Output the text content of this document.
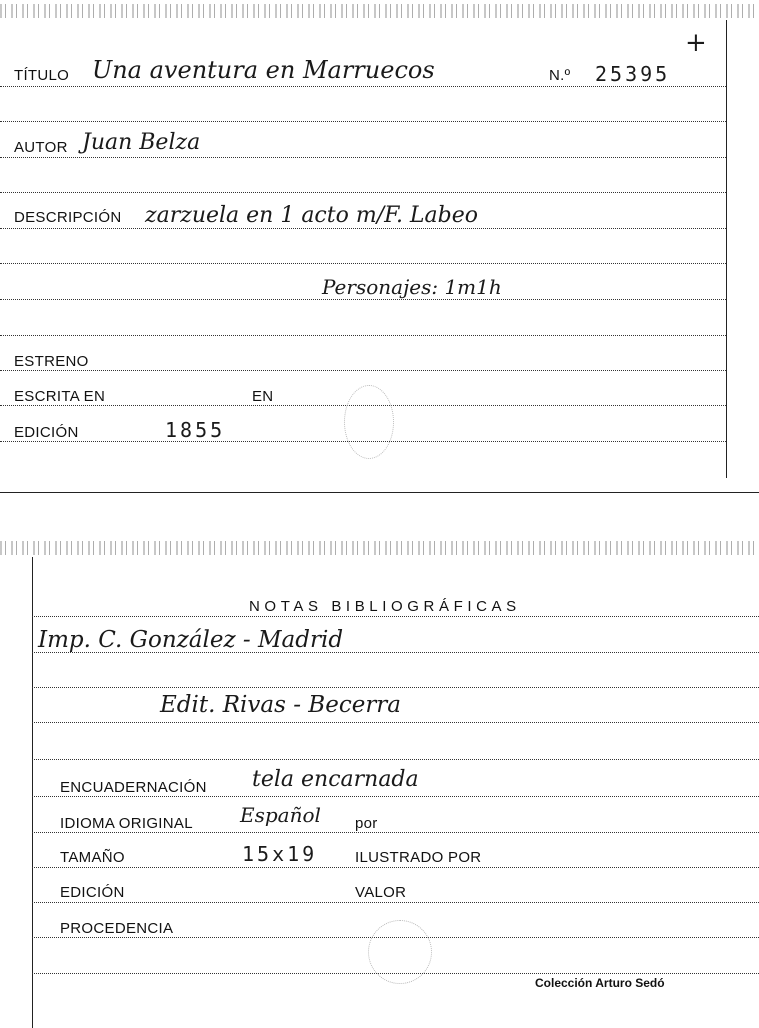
+
TÍTULO Una aventura en Marruecos	N.º 25395
AUTOR Juan Belza
DESCRIPCIÓN zarzuela en 1 acto m/F. Labeo
Personajes: 1m1h
ESTRENO
ESCRITA EN	EN
EDICIÓN	1855
NOTAS BIBLIOGRÁFICAS
Imp. C. González - Madrid
Edit. Rivas - Becerra
ENCUADERNACIÓN tela encarnada
IDIOMA ORIGINAL Español por
TAMAÑO	15x19	ILUSTRADO POR
EDICIÓN	VALOR
PROCEDENCIA
Colección Arturo Sedó
